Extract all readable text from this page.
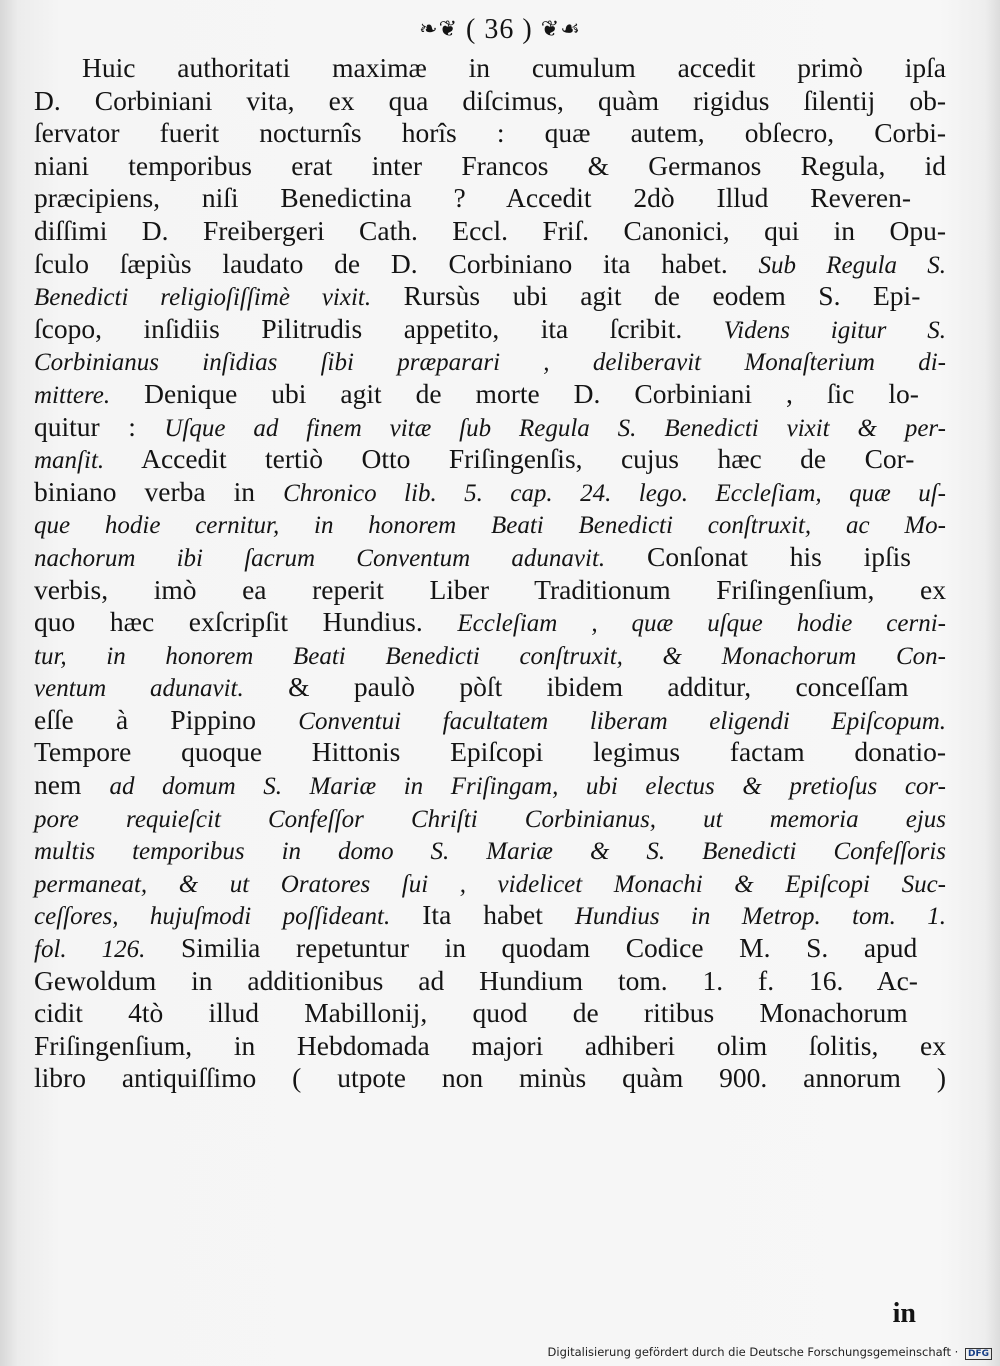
❧❦ ( 36 ) ❦☙
Huic authoritati maximæ in cumulum accedit primò ipſa
D. Corbiniani vita, ex qua diſcimus, quàm rigidus ſilentij ob-
ſervator fuerit nocturnîs horîs : quæ autem, obſecro, Corbi-
niani temporibus erat inter Francos & Germanos Regula, id
præcipiens, niſi Benedictina ? Accedit 2dò Illud Reveren-
diſſimi D. Freibergeri Cath. Eccl. Friſ. Canonici, qui in Opu-
ſculo ſæpiùs laudato de D. Corbiniano ita habet. Sub Regula S.
Benedicti religioſiſſimè vixit. Rursùs ubi agit de eodem S. Epi-
ſcopo, inſidiis Pilitrudis appetito, ita ſcribit. Videns igitur S.
Corbinianus inſidias ſibi præparari , deliberavit Monaſterium di-
mittere. Denique ubi agit de morte D. Corbiniani , ſic lo-
quitur : Uſque ad finem vitæ ſub Regula S. Benedicti vixit & per-
manſit. Accedit tertiò Otto Friſingenſis, cujus hæc de Cor-
biniano verba in Chronico lib. 5. cap. 24. lego. Eccleſiam, quæ uſ-
que hodie cernitur, in honorem Beati Benedicti conſtruxit, ac Mo-
nachorum ibi ſacrum Conventum adunavit. Conſonat his ipſis
verbis, imò ea reperit Liber Traditionum Friſingenſium, ex
quo hæc exſcripſit Hundius. Eccleſiam , quæ uſque hodie cerni-
tur, in honorem Beati Benedicti conſtruxit, & Monachorum Con-
ventum adunavit. & paulò pòſt ibidem additur, conceſſam
eſſe à Pippino Conventui facultatem liberam eligendi Epiſcopum.
Tempore quoque Hittonis Epiſcopi legimus factam donatio-
nem ad domum S. Mariæ in Friſingam, ubi electus & pretioſus cor-
pore requieſcit Confeſſor Chriſti Corbinianus, ut memoria ejus
multis temporibus in domo S. Mariæ & S. Benedicti Confeſſoris
permaneat, & ut Oratores ſui , videlicet Monachi & Epiſcopi Suc-
ceſſores, hujuſmodi poſſideant. Ita habet Hundius in Metrop. tom. 1.
fol. 126. Similia repetuntur in quodam Codice M. S. apud
Gewoldum in additionibus ad Hundium tom. 1. f. 16. Ac-
cidit 4tò illud Mabillonij, quod de ritibus Monachorum
Friſingenſium, in Hebdomada majori adhiberi olim ſolitis, ex
libro antiquiſſimo ( utpote non minùs quàm 900. annorum )
in
Digitalisierung gefördert durch die Deutsche Forschungsgemeinschaft · DFG
